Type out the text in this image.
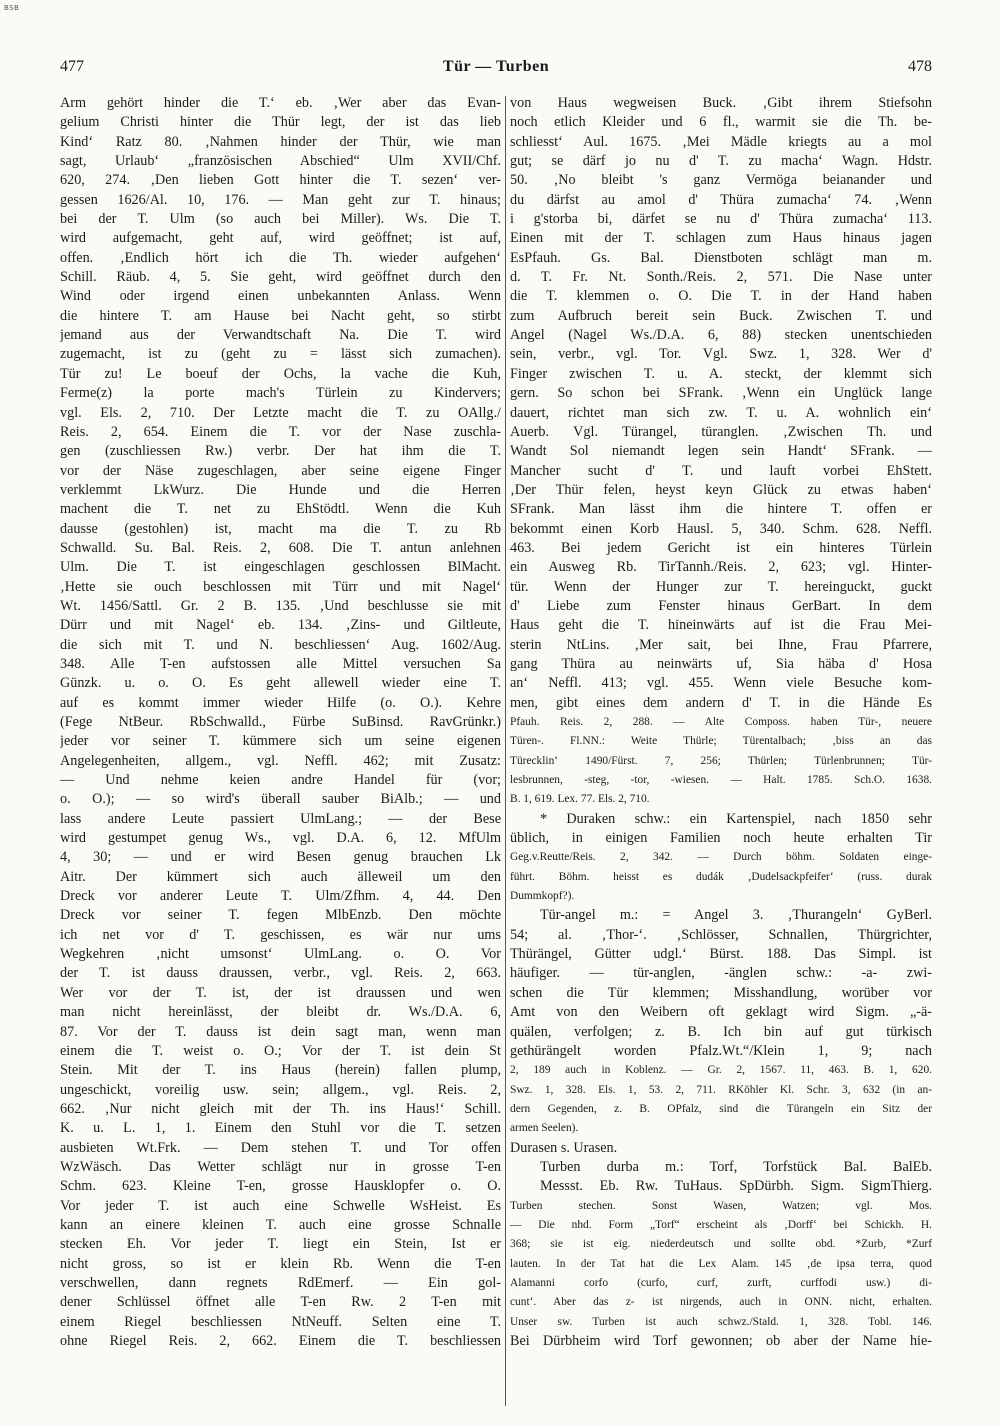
BSB
477	Tür — Turben	478
Arm gehört hinder die T.‘ eb. ‚Wer aber das Evan-
gelium Christi hinter die Thür legt, der ist das lieb
Kind‘ Ratz 80. ‚Nahmen hinder der Thür, wie man
sagt, Urlaub‘ „französischen Abschied“ Ulm XVII/Chf.
620, 274. ‚Den lieben Gott hinter die T. sezen‘ ver-
gessen 1626/Al. 10, 176. — Man geht zur T. hinaus;
bei der T. Ulm (so auch bei Miller). Ws. Die T.
wird aufgemacht, geht auf, wird geöffnet; ist auf,
offen. ‚Endlich hört ich die Th. wieder aufgehen‘
Schill. Räub. 4, 5. Sie geht, wird geöffnet durch den
Wind oder irgend einen unbekannten Anlass. Wenn
die hintere T. am Hause bei Nacht geht, so stirbt
jemand aus der Verwandtschaft Na. Die T. wird
zugemacht, ist zu (geht zu = lässt sich zumachen).
Tür zu! Le boeuf der Ochs, la vache die Kuh,
Ferme(z) la porte mach's Türlein zu Kindervers;
vgl. Els. 2, 710. Der Letzte macht die T. zu OAllg./
Reis. 2, 654. Einem die T. vor der Nase zuschla-
gen (zuschliessen Rw.) verbr. Der hat ihm die T.
vor der Näse zugeschlagen, aber seine eigene Finger
verklemmt LkWurz. Die Hunde und die Herren
machent die T. net zu EhStödtl. Wenn die Kuh
dausse (gestohlen) ist, macht ma die T. zu Rb
Schwalld. Su. Bal. Reis. 2, 608. Die T. antun anlehnen
Ulm. Die T. ist eingeschlagen geschlossen BlMacht.
‚Hette sie ouch beschlossen mit Türr und mit Nagel‘
Wt. 1456/Sattl. Gr. 2 B. 135. ‚Und beschlusse sie mit
Dürr und mit Nagel‘ eb. 134. ‚Zins- und Giltleute,
die sich mit T. und N. beschliessen‘ Aug. 1602/Aug.
348. Alle T-en aufstossen alle Mittel versuchen Sa
Günzk. u. o. O. Es geht allewell wieder eine T.
auf es kommt immer wieder Hilfe (o. O.). Kehre
(Fege NtBeur. RbSchwalld., Fürbe SuBinsd. RavGrünkr.)
jeder vor seiner T. kümmere sich um seine eigenen
Angelegenheiten, allgem., vgl. Neffl. 462; mit Zusatz:
— Und nehme keien andre Handel für (vor;
o. O.); — so wird's überall sauber BiAlb.; — und
lass andere Leute passiert UlmLang.; — der Bese
wird gestumpet genug Ws., vgl. D.A. 6, 12. MfUlm
4, 30; — und er wird Besen genug brauchen Lk
Aitr. Der kümmert sich auch älleweil um den
Dreck vor anderer Leute T. Ulm/Zfhm. 4, 44. Den
Dreck vor seiner T. fegen MlbEnzb. Den möchte
ich net vor d' T. geschissen, es wär nur ums
Wegkehren ‚nicht umsonst‘ UlmLang. o. O. Vor
der T. ist dauss draussen, verbr., vgl. Reis. 2, 663.
Wer vor der T. ist, der ist draussen und wen
man nicht hereinlässt, der bleibt dr. Ws./D.A. 6,
87. Vor der T. dauss ist dein sagt man, wenn man
einem die T. weist o. O.; Vor der T. ist dein St
Stein. Mit der T. ins Haus (herein) fallen plump,
ungeschickt, voreilig usw. sein; allgem., vgl. Reis. 2,
662. ‚Nur nicht gleich mit der Th. ins Haus!‘ Schill.
K. u. L. 1, 1. Einem den Stuhl vor die T. setzen
ausbieten Wt.Frk. — Dem stehen T. und Tor offen
WzWäsch. Das Wetter schlägt nur in grosse T-en
Schm. 623. Kleine T-en, grosse Hausklopfer o. O.
Vor jeder T. ist auch eine Schwelle WsHeist. Es
kann an einere kleinen T. auch eine grosse Schnalle
stecken Eh. Vor jeder T. liegt ein Stein, Ist er
nicht gross, so ist er klein Rb. Wenn die T-en
verschwellen, dann regnets RdEmerf. — Ein gol-
dener Schlüssel öffnet alle T-en Rw. 2 T-en mit
einem Riegel beschliessen NtNeuff. Selten eine T.
ohne Riegel Reis. 2, 662. Einem die T. beschliessen
von Haus wegweisen Buck. ‚Gibt ihrem Stiefsohn
noch etlich Kleider und 6 fl., warmit sie die Th. be-
schliesst‘ Aul. 1675. ‚Mei Mädle kriegts au a mol
gut; se därf jo nu d' T. zu macha‘ Wagn. Hdstr.
50. ‚No bleibt 's ganz Vermöga beianander und
du därfst au amol d' Thüra zumacha‘ 74. ‚Wenn
i g'storba bi, därfet se nu d' Thüra zumacha‘ 113.
Einen mit der T. schlagen zum Haus hinaus jagen
EsPfauh. Gs. Bal. Dienstboten schlägt man m.
d. T. Fr. Nt. Sonth./Reis. 2, 571. Die Nase unter
die T. klemmen o. O. Die T. in der Hand haben
zum Aufbruch bereit sein Buck. Zwischen T. und
Angel (Nagel Ws./D.A. 6, 88) stecken unentschieden
sein, verbr., vgl. Tor. Vgl. Swz. 1, 328. Wer d'
Finger zwischen T. u. A. steckt, der klemmt sich
gern. So schon bei SFrank. ‚Wenn ein Unglück lange
dauert, richtet man sich zw. T. u. A. wohnlich ein‘
Auerb. Vgl. Türangel, türanglen. ‚Zwischen Th. und
Wandt Sol niemandt legen sein Handt‘ SFrank. —
Mancher sucht d' T. und lauft vorbei EhStett.
‚Der Thür felen, heyst keyn Glück zu etwas haben‘
SFrank. Man lässt ihm die hintere T. offen er
bekommt einen Korb Hausl. 5, 340. Schm. 628. Neffl.
463. Bei jedem Gericht ist ein hinteres Türlein
ein Ausweg Rb. TirTannh./Reis. 2, 623; vgl. Hinter-
tür. Wenn der Hunger zur T. hereinguckt, guckt
d' Liebe zum Fenster hinaus GerBart. In dem
Haus geht die T. hineinwärts auf ist die Frau Mei-
sterin NtLins. ‚Mer sait, bei Ihne, Frau Pfarrere,
gang Thüra au neinwärts uf, Sia häba d' Hosa
an‘ Neffl. 413; vgl. 455. Wenn viele Besuche kom-
men, gibt eines dem andern d' T. in die Hände Es
Pfauh. Reis. 2, 288. — Alte Composs. haben Tür-, neuere
Türen-. Fl.NN.: Weite Thürle; Türentalbach; ‚biss an das
Türecklin‘ 1490/Fürst. 7, 256; Thürlen; Türlenbrunnen; Tür-
lesbrunnen, -steg, -tor, -wiesen. — Halt. 1785. Sch.O. 1638.
B. 1, 619. Lex. 77. Els. 2, 710.
* Duraken schw.: ein Kartenspiel, nach 1850 sehr
üblich, in einigen Familien noch heute erhalten Tir
Geg.v.Reutte/Reis. 2, 342. — Durch böhm. Soldaten einge-
führt. Böhm. heisst es dudák ‚Dudelsackpfeifer‘ (russ. durak
Dummkopf?).
Tür-angel m.: = Angel 3. ‚Thurangeln‘ GyBerl.
54; al. ‚Thor-‘. ‚Schlösser, Schnallen, Thürgrichter,
Thürängel, Gütter udgl.‘ Bürst. 188. Das Simpl. ist
häufiger. — tür-anglen, -änglen schw.: -a- zwi-
schen die Tür klemmen; Misshandlung, worüber vor
Amt von den Weibern oft geklagt wird Sigm. „-ä-
quälen, verfolgen; z. B. Ich bin auf gut türkisch
gethürängelt worden Pfalz.Wt.“/Klein 1, 9; nach
2, 189 auch in Koblenz. — Gr. 2, 1567. 11, 463. B. 1, 620.
Swz. 1, 328. Els. 1, 53. 2, 711. RKöhler Kl. Schr. 3, 632 (in an-
dern Gegenden, z. B. OPfalz, sind die Türangeln ein Sitz der
armen Seelen).
Durasen s. Urasen.
Turben durba m.: Torf, Torfstück Bal. BalEb.
Messst. Eb. Rw. TuHaus. SpDürbh. Sigm. SigmThierg.
Turben stechen. Sonst Wasen, Watzen; vgl. Mos.
— Die nhd. Form „Torf“ erscheint als ‚Dorff‘ bei Schickh. H.
368; sie ist eig. niederdeutsch und sollte obd. *Zurb, *Zurf
lauten. In der Tat hat die Lex Alam. 145 ‚de ipsa terra, quod
Alamanni corfo (curfo, curf, zurft, curffodi usw.) di-
cunt‘. Aber das z- ist nirgends, auch in ONN. nicht, erhalten.
Unser sw. Turben ist auch schwz./Stald. 1, 328. Tobl. 146.
Bei Dürbheim wird Torf gewonnen; ob aber der Name hie-
